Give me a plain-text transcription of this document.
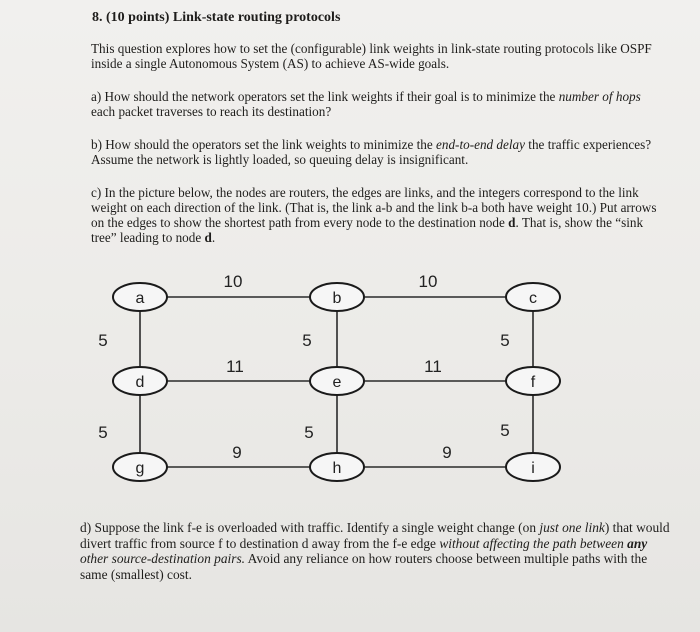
8. (10 points) Link-state routing protocols

This question explores how to set the (configurable) link weights in link-state routing protocols like OSPF inside a single Autonomous System (AS) to achieve AS-wide goals.

a) How should the network operators set the link weights if their goal is to minimize the number of hops each packet traverses to reach its destination?

b) How should the operators set the link weights to minimize the end-to-end delay the traffic experiences? Assume the network is lightly loaded, so queuing delay is insignificant.

c) In the picture below, the nodes are routers, the edges are links, and the integers correspond to the link weight on each direction of the link. (That is, the link a-b and the link b-a both have weight 10.) Put arrows on the edges to show the shortest path from every node to the destination node d. That is, show the “sink tree” leading to node d.

a	b	c
d	e	f
g	h	i
10	10
11	11
9	9
5	5	5
5	5	5

d) Suppose the link f-e is overloaded with traffic. Identify a single weight change (on just one link) that would divert traffic from source f to destination d away from the f-e edge without affecting the path between any other source-destination pairs. Avoid any reliance on how routers choose between multiple paths with the same (smallest) cost.
